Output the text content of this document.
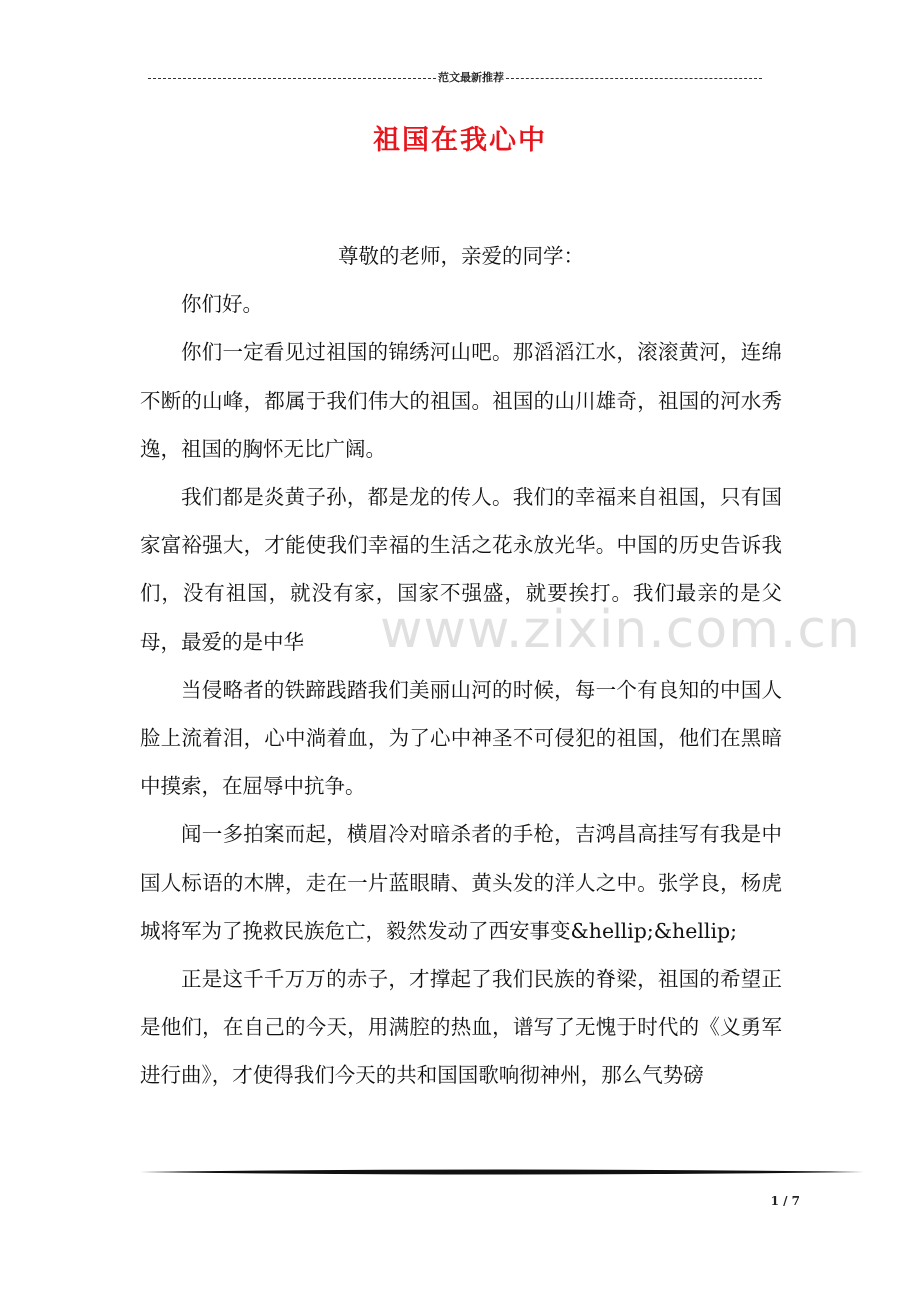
范文最新推荐
祖国在我心中

尊敬的老师，亲爱的同学：

你们好。

你们一定看见过祖国的锦绣河山吧。那滔滔江水，滚滚黄河，连绵不断的山峰，都属于我们伟大的祖国。祖国的山川雄奇，祖国的河水秀逸，祖国的胸怀无比广阔。

我们都是炎黄子孙，都是龙的传人。我们的幸福来自祖国，只有国家富裕强大，才能使我们幸福的生活之花永放光华。中国的历史告诉我们，没有祖国，就没有家，国家不强盛，就要挨打。我们最亲的是父母，最爱的是中华

当侵略者的铁蹄践踏我们美丽山河的时候，每一个有良知的中国人脸上流着泪，心中淌着血，为了心中神圣不可侵犯的祖国，他们在黑暗中摸索，在屈辱中抗争。

闻一多拍案而起，横眉冷对暗杀者的手枪，吉鸿昌高挂写有我是中国人标语的木牌，走在一片蓝眼睛、黄头发的洋人之中。张学良，杨虎城将军为了挽救民族危亡，毅然发动了西安事变&hellip;&hellip;

正是这千千万万的赤子，才撑起了我们民族的脊梁，祖国的希望正是他们，在自己的今天，用满腔的热血，谱写了无愧于时代的《义勇军进行曲》，才使得我们今天的共和国国歌响彻神州，那么气势磅

www.zixin.com.cn
1 / 7
